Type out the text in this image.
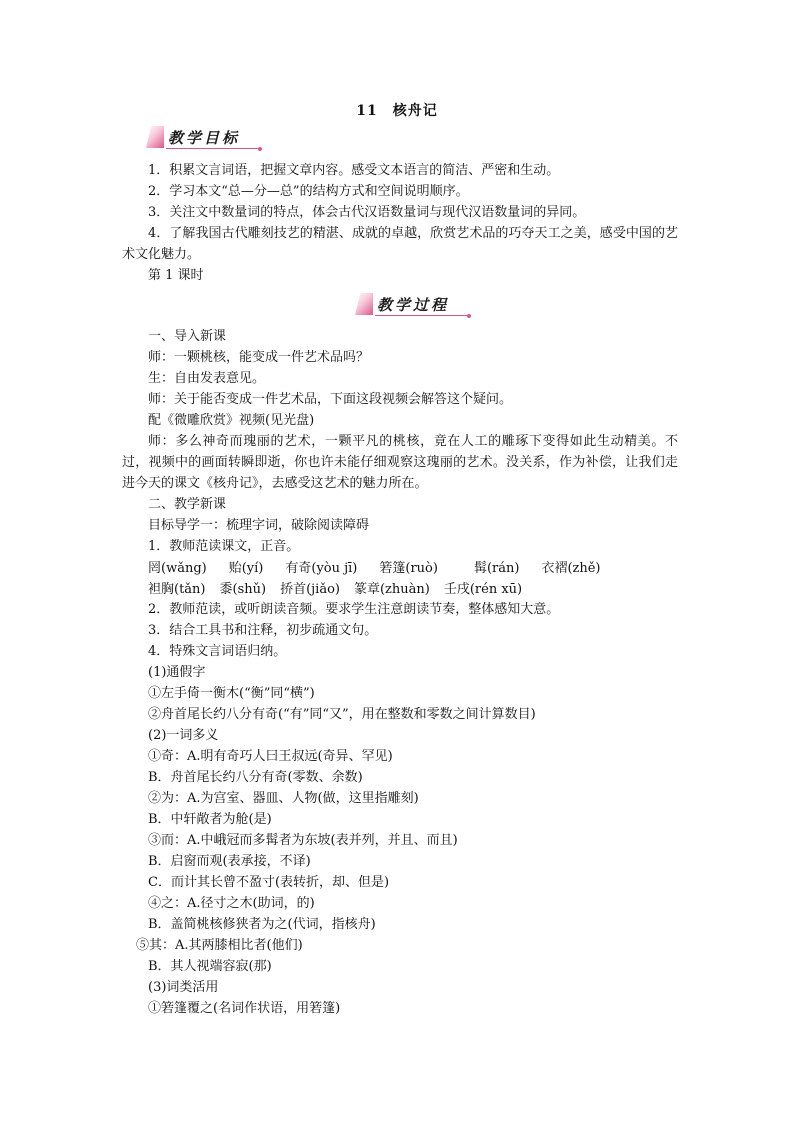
11　核舟记
教学目标
1．积累文言词语，把握文章内容。感受文本语言的简洁、严密和生动。
2．学习本文“总—分—总”的结构方式和空间说明顺序。
3．关注文中数量词的特点，体会古代汉语数量词与现代汉语数量词的异同。
4．了解我国古代雕刻技艺的精湛、成就的卓越，欣赏艺术品的巧夺天工之美，感受中国的艺术文化魅力。
第 1 课时
教学过程
一、导入新课
师：一颗桃核，能变成一件艺术品吗？
生：自由发表意见。
师：关于能否变成一件艺术品，下面这段视频会解答这个疑问。
配《微雕欣赏》视频(见光盘)
师：多么神奇而瑰丽的艺术，一颗平凡的桃核，竟在人工的雕琢下变得如此生动精美。不过，视频中的画面转瞬即逝，你也许未能仔细观察这瑰丽的艺术。没关系，作为补偿，让我们走进今天的课文《核舟记》，去感受这艺术的魅力所在。
二、教学新课
目标导学一：梳理字词，破除阅读障碍
1．教师范读课文，正音。
罔(wǎng) 贻(yí) 有奇(yòu jī) 箬篷(ruò)	髯(rán) 衣褶(zhě)
袒胸(tǎn) 黍(shǔ) 挢首(jiǎo) 篆章(zhuàn) 壬戌(rén xū)
2．教师范读，或听朗读音频。要求学生注意朗读节奏，整体感知大意。
3．结合工具书和注释，初步疏通文句。
4．特殊文言词语归纳。
(1)通假字
①左手倚一衡木(“衡”同“横”)
②舟首尾长约八分有奇(“有”同“又”，用在整数和零数之间计算数目)
(2)一词多义
①奇：A.明有奇巧人曰王叔远(奇异、罕见)
B．舟首尾长约八分有奇(零数、余数)
②为：A.为宫室、器皿、人物(做，这里指雕刻)
B．中轩敞者为舱(是)
③而：A.中峨冠而多髯者为东坡(表并列，并且、而且)
B．启窗而观(表承接，不译)
C．而计其长曾不盈寸(表转折，却、但是)
④之：A.径寸之木(助词，的)
B．盖简桃核修狭者为之(代词，指核舟)
⑤其：A.其两膝相比者(他们)
B．其人视端容寂(那)
(3)词类活用
①箬篷覆之(名词作状语，用箬篷)
